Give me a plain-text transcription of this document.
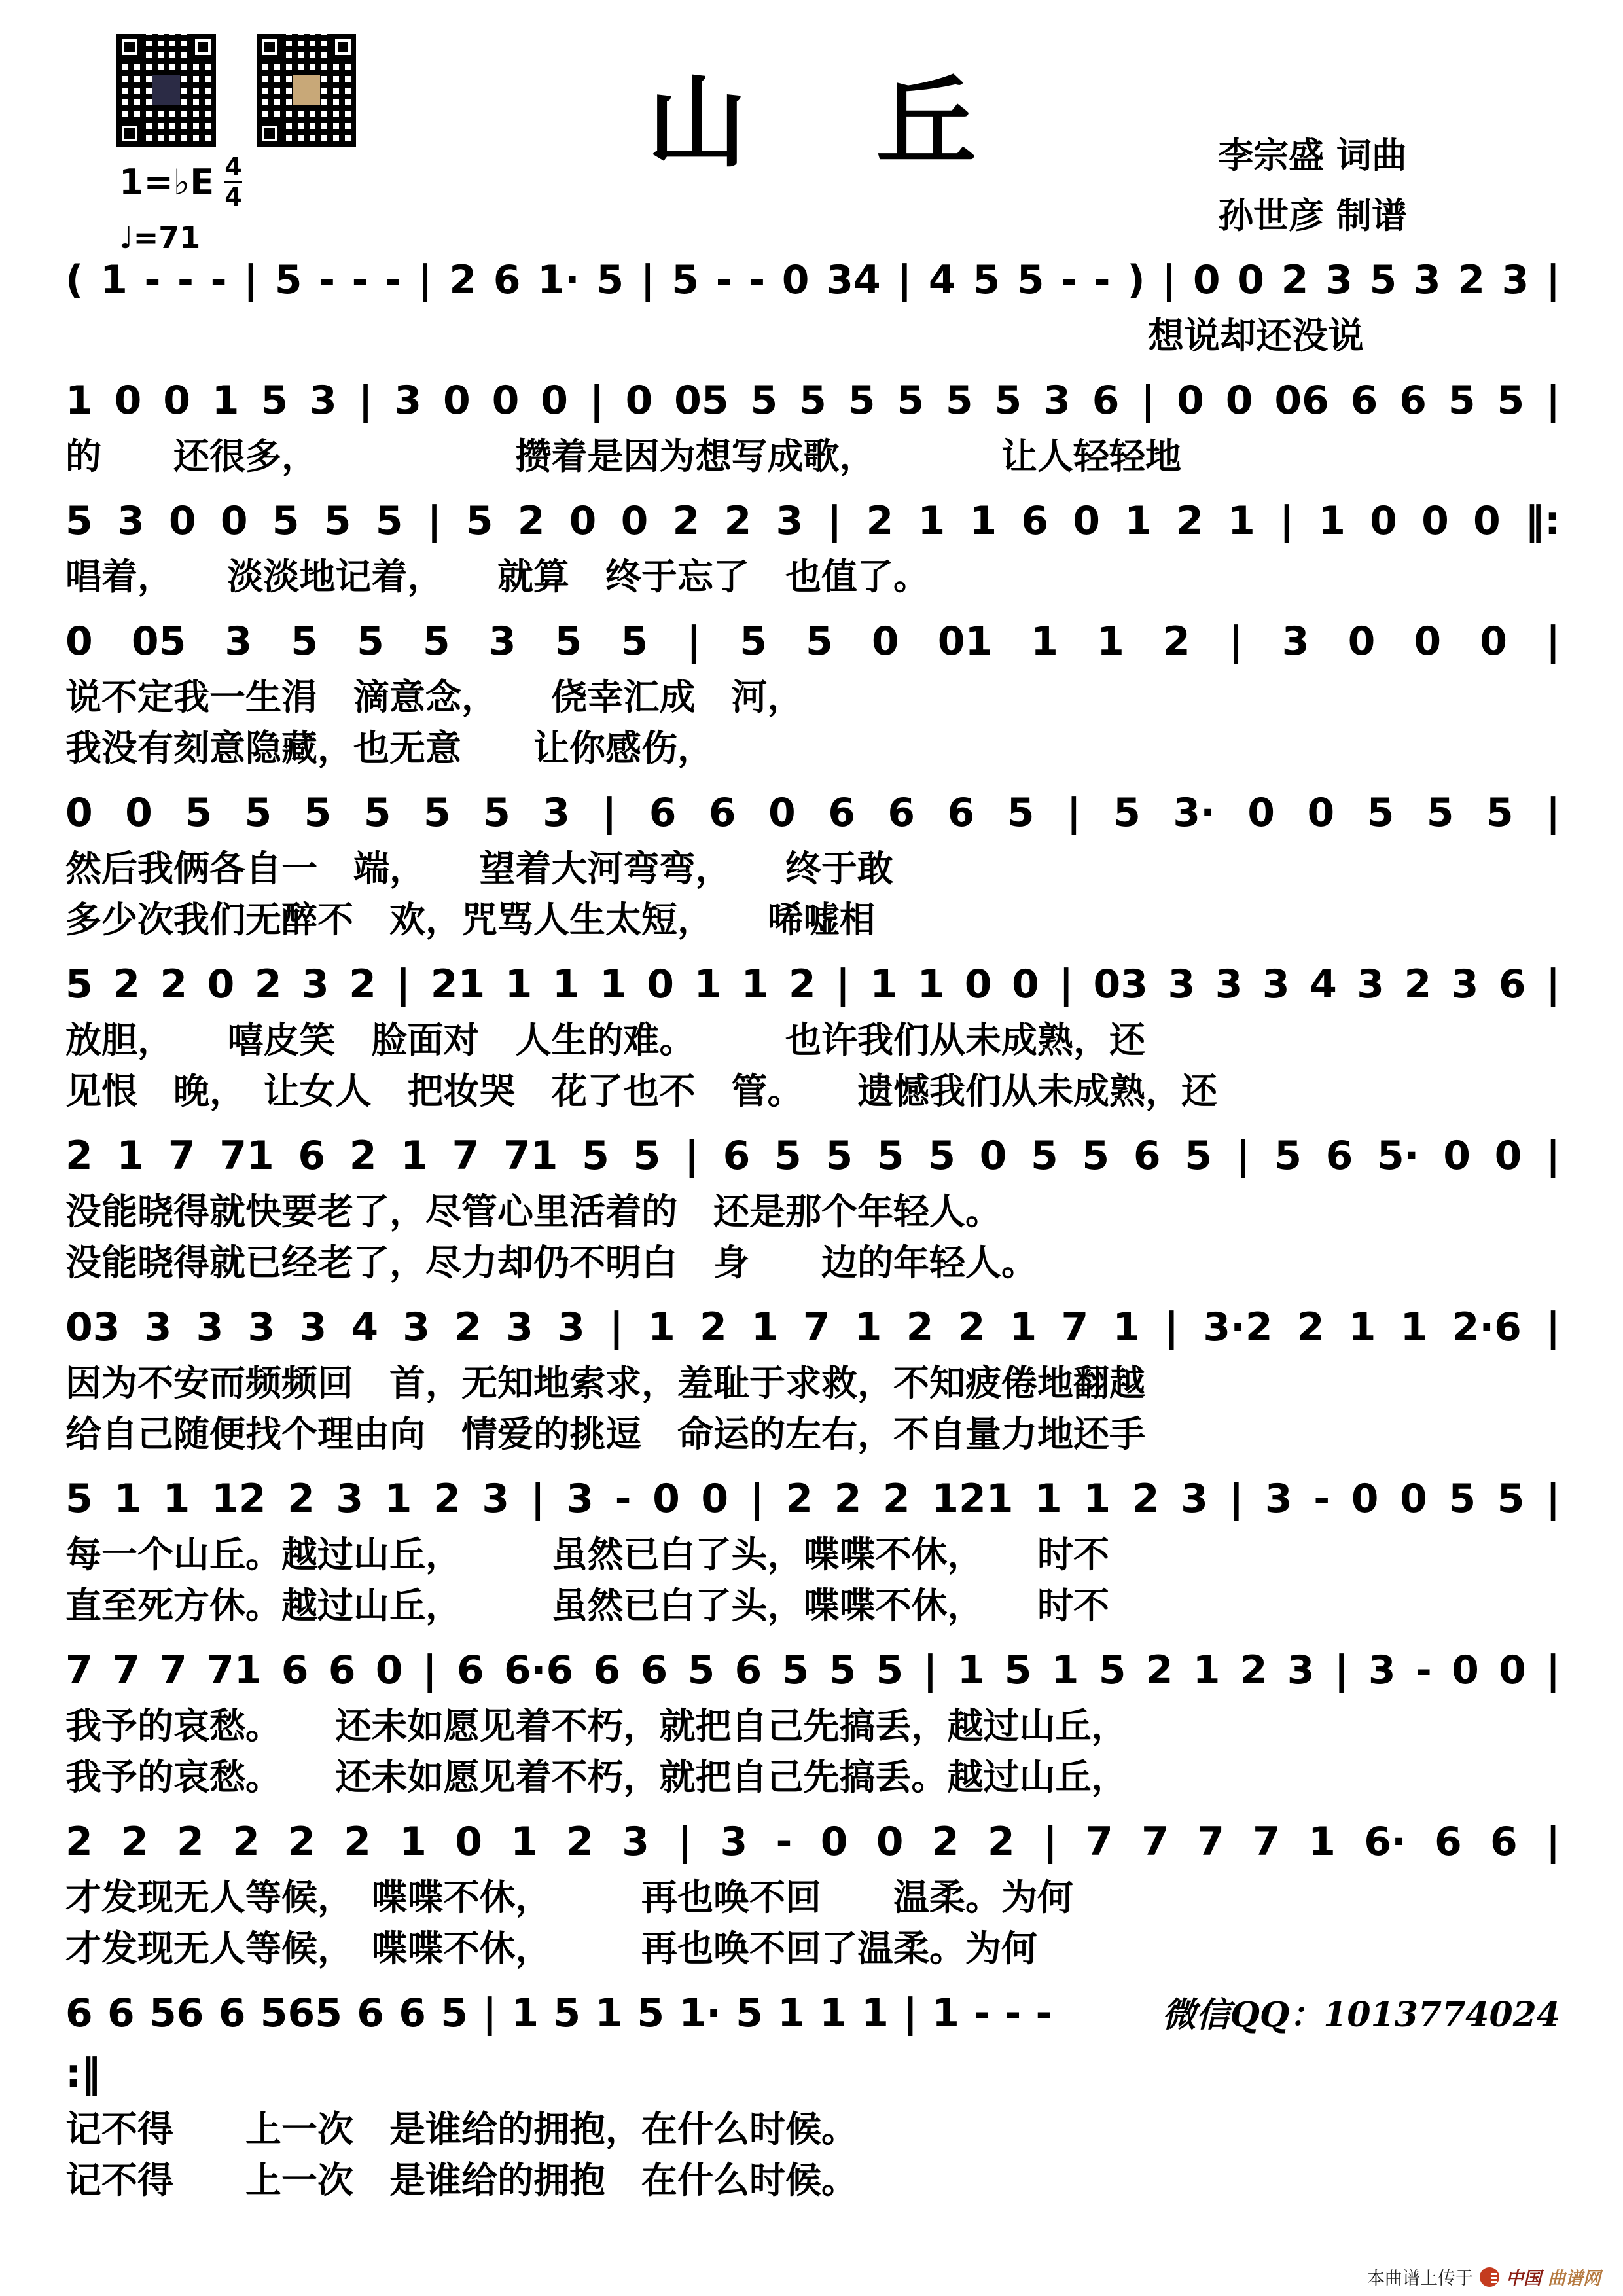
1=♭E $\frac{4}{4}$
♩=71
山丘	李宗盛 词曲
孙世彦 制谱
( 1 - - - | 5 - - - | 2 6 1· 5 | 5 - - 0 34 | 4 5 5 - - ) | 0 0 2 3 5 3 2 3 |
想说却还没说
1 0 0 1 5 3 | 3 0 0 0 | 0 05 5 5 5 5 5 5 3 6 | 0 0 06 6 6 5 5 |
的　　还很多，　　　　　　攒着是因为想写成歌，　　　　让人轻轻地
5 3 0 0 5 5 5 | 5 2 0 0 2 2 3 | 2 1 1 6 0 1 2 1 | 1 0 0 0 ‖:
唱着，　　淡淡地记着，　　就算　终于忘了　也值了。
0 05 3 5 5 5 3 5 5 | 5 5 0 01 1 1 2 | 3 0 0 0 |
说不定我一生涓　滴意念，　　侥幸汇成　河，
我没有刻意隐藏，也无意　　让你感伤，
0 0 5 5 5 5 5 5 3 | 6 6 0 6 6 6 5 | 5 3· 0 0 5 5 5 |
然后我俩各自一　端，　　望着大河弯弯，　　终于敢
多少次我们无醉不　欢，咒骂人生太短，　　唏嘘相
5 2 2 0 2 3 2 | 21 1 1 1 0 1 1 2 | 1 1 0 0 | 03 3 3 3 4 3 2 3 6 |
放胆，　　嘻皮笑　脸面对　人生的难。　　　也许我们从未成熟，还
见恨　晚，　让女人　把妆哭　花了也不　管。　　遗憾我们从未成熟，还
2 1 7 71 6 2 1 7 71 5 5 | 6 5 5 5 5 0 5 5 6 5 | 5 6 5· 0 0 |
没能晓得就快要老了，尽管心里活着的　还是那个年轻人。
没能晓得就已经老了，尽力却仍不明白　身　　边的年轻人。
03 3 3 3 3 4 3 2 3 3 | 1 2 1 7 1 2 2 1 7 1 | 3·2 2 1 1 2·6 |
因为不安而频频回　首，无知地索求，羞耻于求救，不知疲倦地翻越
给自己随便找个理由向　情爱的挑逗　命运的左右，不自量力地还手
5 1 1 12 2 3 1 2 3 | 3 - 0 0 | 2 2 2 121 1 1 2 3 | 3 - 0 0 5 5 |
每一个山丘。越过山丘，　　　虽然已白了头，喋喋不休，　　时不
直至死方休。越过山丘，　　　虽然已白了头，喋喋不休，　　时不
7 7 7 71 6 6 0 | 6 6·6 6 6 5 6 5 5 5 | 1 5 1 5 2 1 2 3 | 3 - 0 0 |
我予的哀愁。　　还未如愿见着不朽，就把自己先搞丢，越过山丘，
我予的哀愁。　　还未如愿见着不朽，就把自己先搞丢。越过山丘，
2 2 2 2 2 2 1 0 1 2 3 | 3 - 0 0 2 2 | 7 7 7 7 1 6· 6 6 |
才发现无人等候，　喋喋不休，　　　再也唤不回　　温柔。为何
才发现无人等候，　喋喋不休，　　　再也唤不回了温柔。为何
6 6 56 6 565 6 6 5 | 1 5 1 5 1· 5 1 1 1 | 1 - - - :‖
微信QQ：1013774024
记不得　　上一次　是谁给的拥抱，在什么时候。
记不得　　上一次　是谁给的拥抱　在什么时候。
本曲谱上传于 中国 曲谱网
